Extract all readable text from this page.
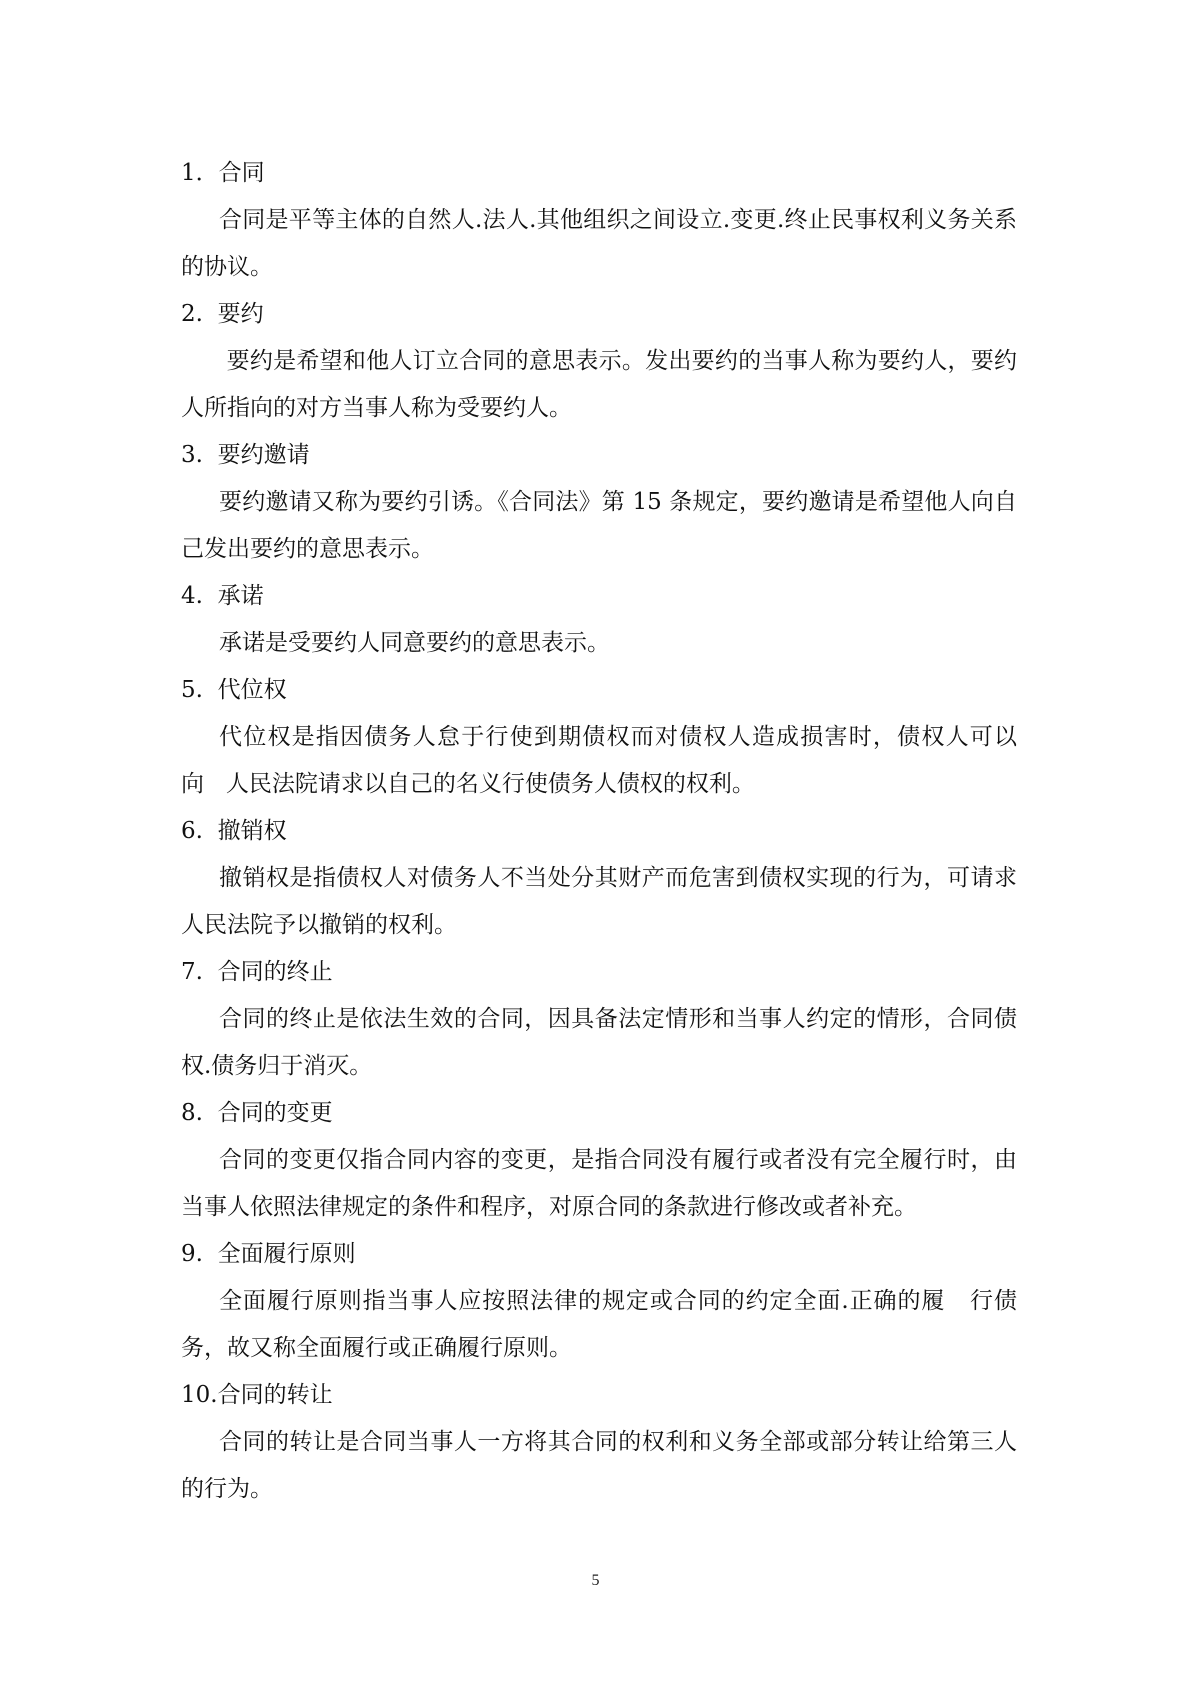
1．合同

合同是平等主体的自然人.法人.其他组织之间设立.变更.终止民事权利义务关系的协议。

2.  要约

要约是希望和他人订立合同的意思表示。发出要约的当事人称为要约人，要约人所指向的对方当事人称为受要约人。

3.  要约邀请

要约邀请又称为要约引诱。《合同法》第 15 条规定，要约邀请是希望他人向自己发出要约的意思表示。

4.  承诺

承诺是受要约人同意要约的意思表示。

5.  代位权

代位权是指因债务人怠于行使到期债权而对债权人造成损害时，债权人可以向   人民法院请求以自己的名义行使债务人债权的权利。

6.  撤销权

撤销权是指债权人对债务人不当处分其财产而危害到债权实现的行为，可请求人民法院予以撤销的权利。

7.  合同的终止

合同的终止是依法生效的合同，因具备法定情形和当事人约定的情形，合同债权.债务归于消灭。

8.  合同的变更

合同的变更仅指合同内容的变更，是指合同没有履行或者没有完全履行时，由当事人依照法律规定的条件和程序，对原合同的条款进行修改或者补充。

9.  全面履行原则

全面履行原则指当事人应按照法律的规定或合同的约定全面.正确的履   行债务，故又称全面履行或正确履行原则。

10.合同的转让

合同的转让是合同当事人一方将其合同的权利和义务全部或部分转让给第三人的行为。

5
